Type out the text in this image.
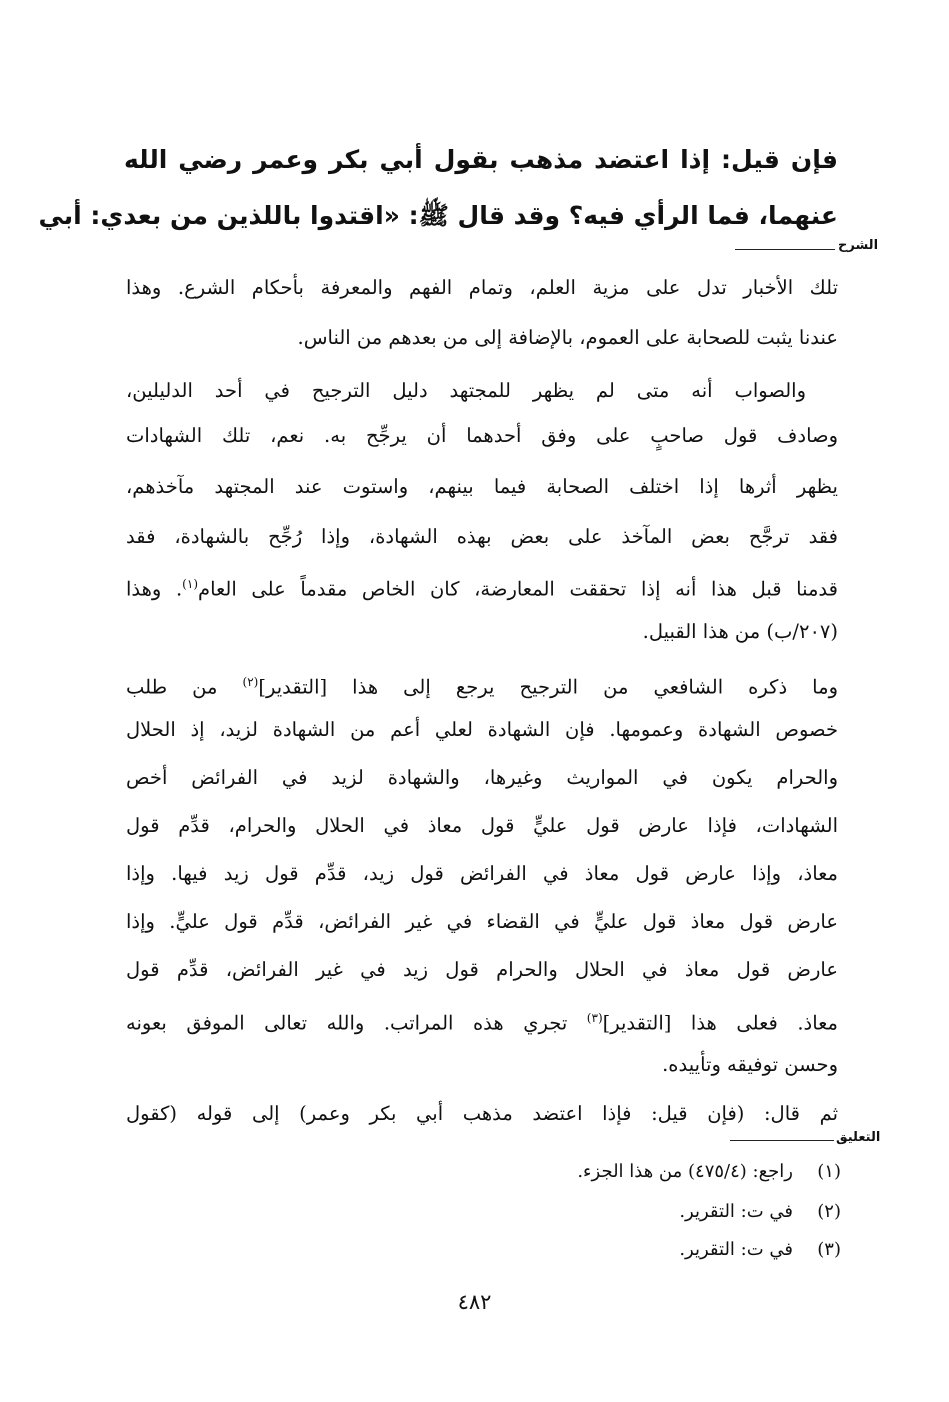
فإن قيل: إذا اعتضد مذهب بقول أبي بكر وعمر رضي الله
عنهما، فما الرأي فيه؟ وقد قال ﷺ: «اقتدوا باللذين من بعدي: أبي
الشرح
تلك الأخبار تدل على مزية العلم، وتمام الفهم والمعرفة بأحكام الشرع. وهذا
عندنا يثبت للصحابة على العموم، بالإضافة إلى من بعدهم من الناس.
والصواب أنه متى لم يظهر للمجتهد دليل الترجيح في أحد الدليلين،
وصادف قول صاحبٍ على وفق أحدهما أن يرجِّح به. نعم، تلك الشهادات
يظهر أثرها إذا اختلف الصحابة فيما بينهم، واستوت عند المجتهد مآخذهم،
فقد ترجَّح بعض المآخذ على بعض بهذه الشهادة، وإذا رُجِّح بالشهادة، فقد
قدمنا قبل هذا أنه إذا تحققت المعارضة، كان الخاص مقدماً على العام$^{(١)}$. وهذا
(٢٠٧/ب) من هذا القبيل.
وما ذكره الشافعي من الترجيح يرجع إلى هذا [التقدير]$^{(٢)}$ من طلب
خصوص الشهادة وعمومها. فإن الشهادة لعلي أعم من الشهادة لزيد، إذ الحلال
والحرام يكون في المواريث وغيرها، والشهادة لزيد في الفرائض أخص
الشهادات، فإذا عارض قول عليٍّ قول معاذ في الحلال والحرام، قدِّم قول
معاذ، وإذا عارض قول معاذ في الفرائض قول زيد، قدِّم قول زيد فيها. وإذا
عارض قول معاذ قول عليٍّ في القضاء في غير الفرائض، قدِّم قول عليٍّ. وإذا
عارض قول معاذ في الحلال والحرام قول زيد في غير الفرائض، قدِّم قول
معاذ. فعلى هذا [التقدير]$^{(٣)}$ تجري هذه المراتب. والله تعالى الموفق بعونه
وحسن توفيقه وتأييده.
ثم قال: (فإن قيل: فإذا اعتضد مذهب أبي بكر وعمر) إلى قوله (كقول
التعليق
(١)راجع: (٤٧٥/٤) من هذا الجزء.
(٢)في ت: التقرير.
(٣)في ت: التقرير.
٤٨٢
